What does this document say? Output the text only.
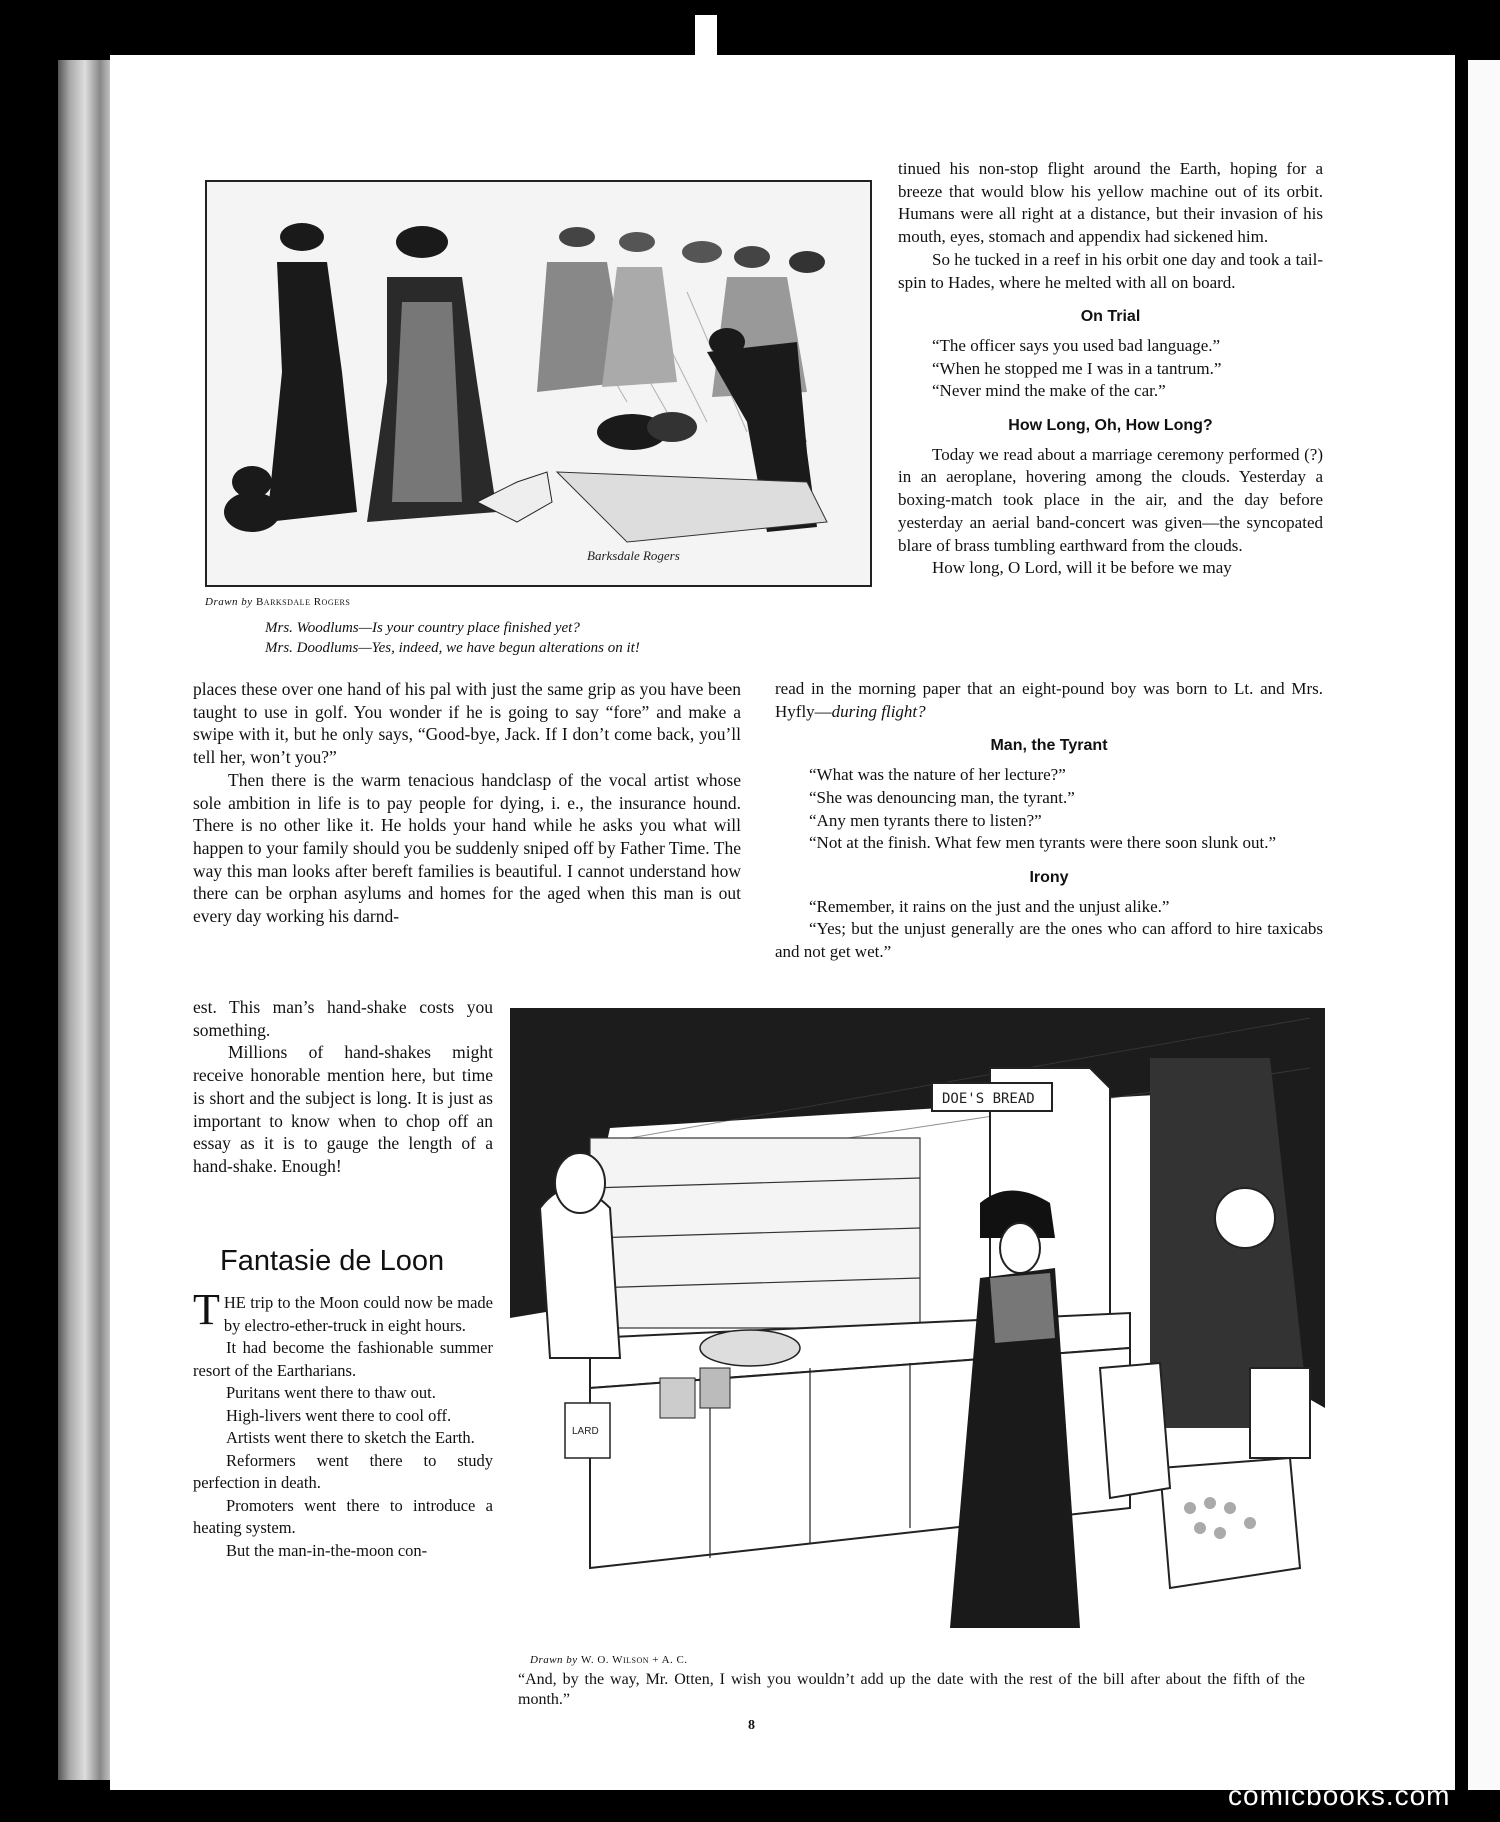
Barksdale Rogers
Drawn by Barksdale Rogers
Mrs. Woodlums—Is your country place finished yet?
Mrs. Doodlums—Yes, indeed, we have begun alterations on it!

tinued his non-stop flight around the Earth, hoping for a breeze that would blow his yellow machine out of its orbit. Humans were all right at a distance, but their invasion of his mouth, eyes, stomach and appendix had sickened him.

So he tucked in a reef in his orbit one day and took a tail-spin to Hades, where he melted with all on board.

On Trial

“The officer says you used bad language.”

“When he stopped me I was in a tantrum.”

“Never mind the make of the car.”

How Long, Oh, How Long?

Today we read about a marriage ceremony performed (?) in an aeroplane, hovering among the clouds. Yesterday a boxing-match took place in the air, and the day before yesterday an aerial band-concert was given—the syncopated blare of brass tumbling earthward from the clouds.

How long, O Lord, will it be before we may

read in the morning paper that an eight-pound boy was born to Lt. and Mrs. Hyfly—during flight?

Man, the Tyrant

“What was the nature of her lecture?”

“She was denouncing man, the tyrant.”

“Any men tyrants there to listen?”

“Not at the finish. What few men tyrants were there soon slunk out.”

Irony

“Remember, it rains on the just and the unjust alike.”

“Yes; but the unjust generally are the ones who can afford to hire taxicabs and not get wet.”

places these over one hand of his pal with just the same grip as you have been taught to use in golf. You wonder if he is going to say “fore” and make a swipe with it, but he only says, “Good-bye, Jack. If I don’t come back, you’ll tell her, won’t you?”

Then there is the warm tenacious handclasp of the vocal artist whose sole ambition in life is to pay people for dying, i. e., the insurance hound. There is no other like it. He holds your hand while he asks you what will happen to your family should you be suddenly sniped off by Father Time. The way this man looks after bereft families is beautiful. I cannot understand how there can be orphan asylums and homes for the aged when this man is out every day working his darnd-

est. This man’s hand-shake costs you something.

Millions of hand-shakes might receive honorable mention here, but time is short and the subject is long. It is just as important to know when to chop off an essay as it is to gauge the length of a hand-shake. Enough!

Fantasie de Loon

THE trip to the Moon could now be made by electro-ether-truck in eight hours.

It had become the fashionable summer resort of the Eartharians.

Puritans went there to thaw out.

High-livers went there to cool off.

Artists went there to sketch the Earth.

Reformers went there to study perfection in death.

Promoters went there to introduce a heating system.

But the man-in-the-moon con-

DOE'S BREAD
LARD
Drawn by W. O. Wilson + A. C.
“And, by the way, Mr. Otten, I wish you wouldn’t add up the date with the rest of the bill after about the fifth of the month.”
8
comicbooks.com
